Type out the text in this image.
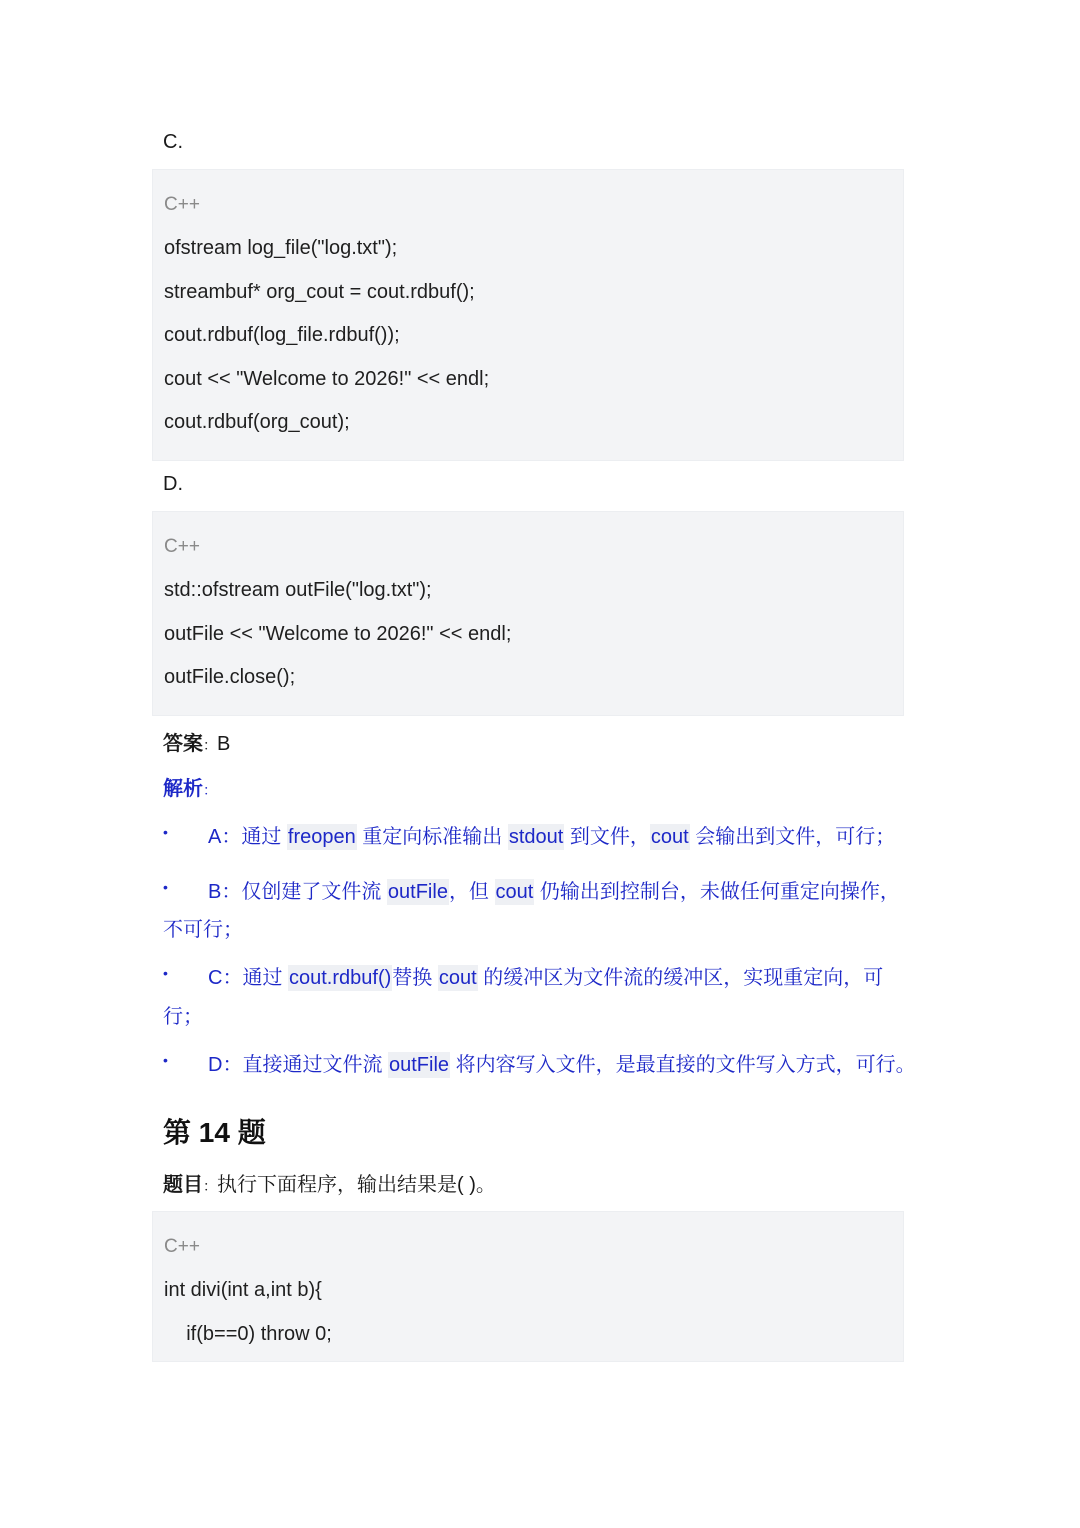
C.
C++
ofstream log_file("log.txt");
streambuf* org_cout = cout.rdbuf();
cout.rdbuf(log_file.rdbuf());
cout << "Welcome to 2026!" << endl;
cout.rdbuf(org_cout);
D.
C++
std::ofstream outFile("log.txt");
outFile << "Welcome to 2026!" << endl;
outFile.close();
答案：B
解析：
• A：通过 freopen 重定向标准输出 stdout 到文件，cout 会输出到文件，可行；
• B：仅创建了文件流 outFile，但 cout 仍输出到控制台，未做任何重定向操作，
不可行；
• C：通过 cout.rdbuf()替换 cout 的缓冲区为文件流的缓冲区，实现重定向，可
行；
• D：直接通过文件流 outFile 将内容写入文件，是最直接的文件写入方式，可行。
第 14 题
题目：执行下面程序，输出结果是( )。
C++
int divi(int a,int b){
if(b==0) throw 0;
